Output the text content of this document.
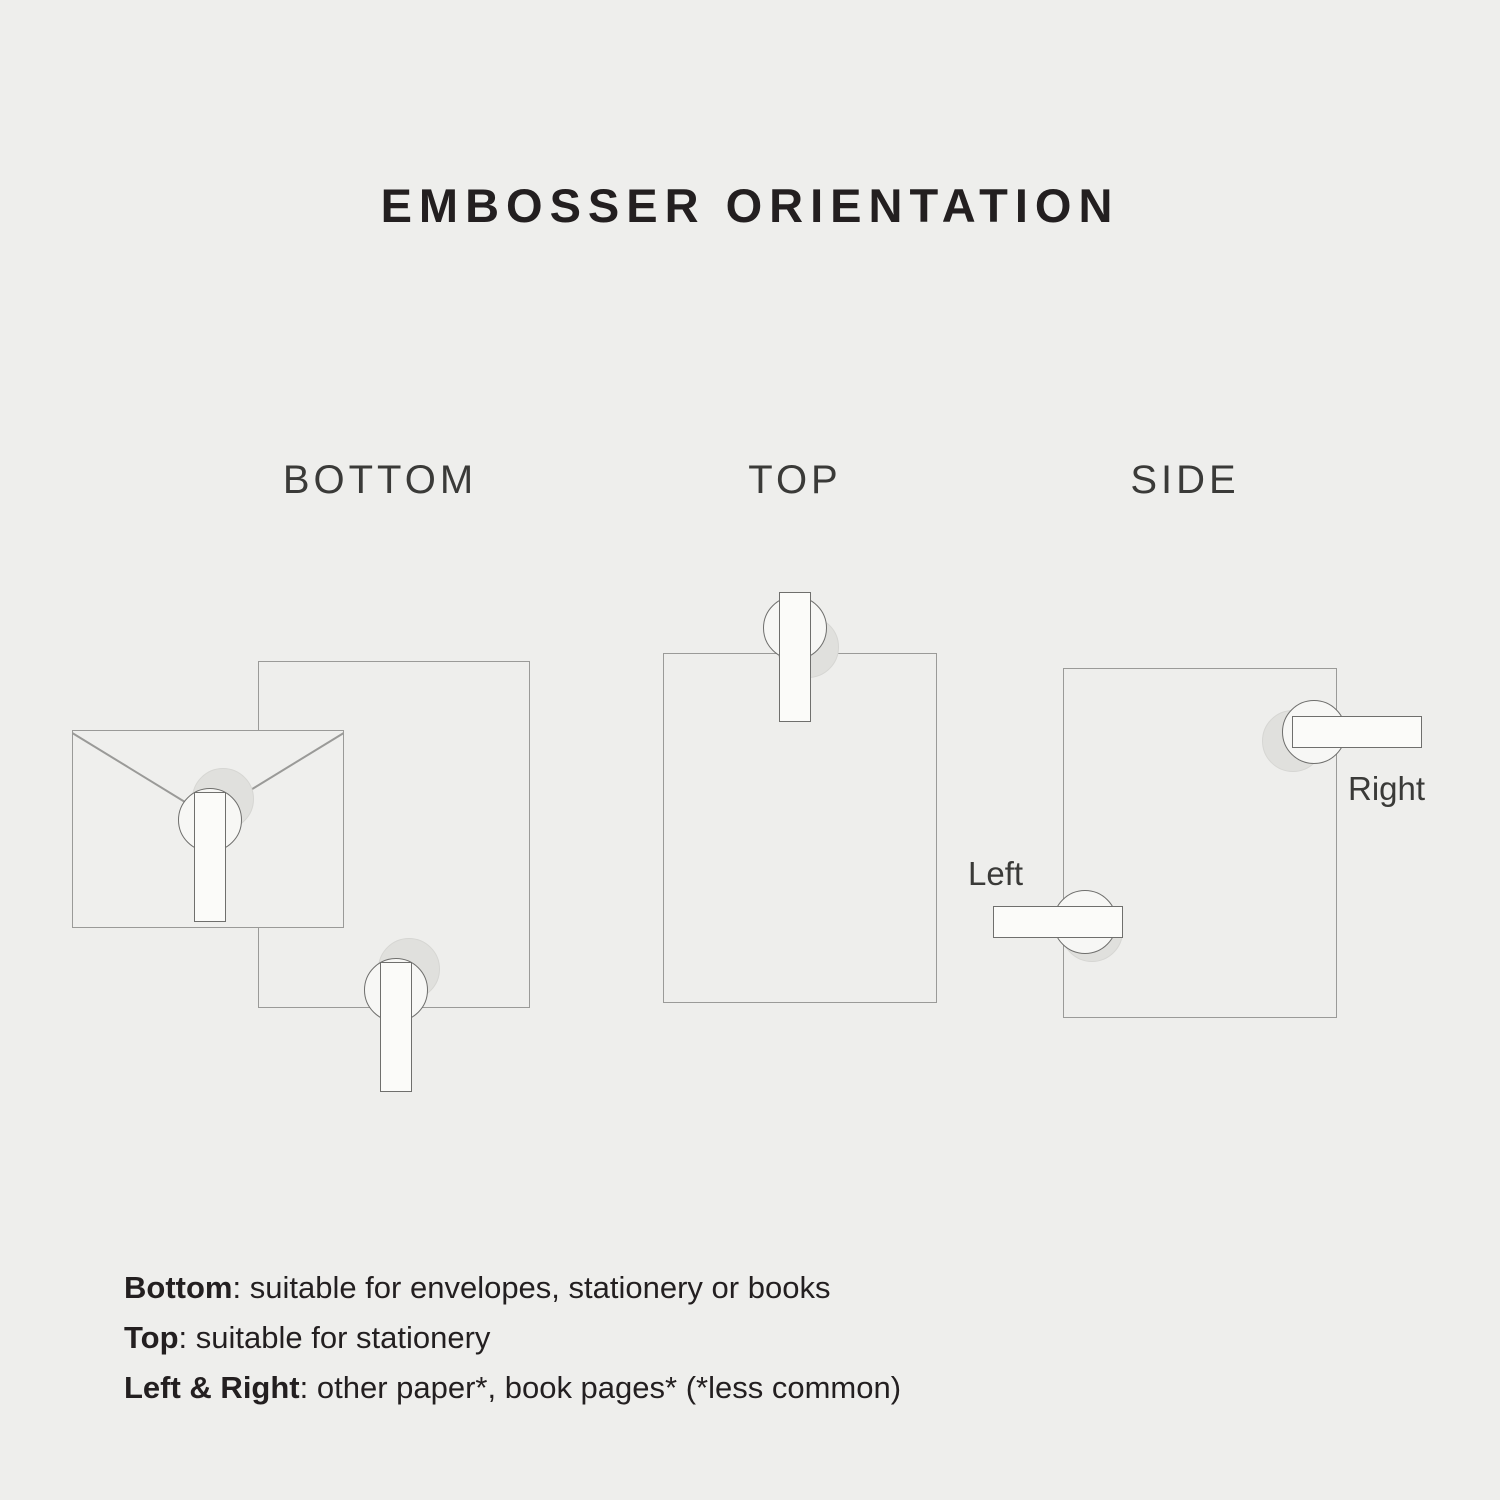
EMBOSSER ORIENTATION
BOTTOM	TOP	SIDE
Right
Left
Bottom: suitable for envelopes, stationery or books
Top: suitable for stationery
Left & Right: other paper*, book pages* (*less common)
